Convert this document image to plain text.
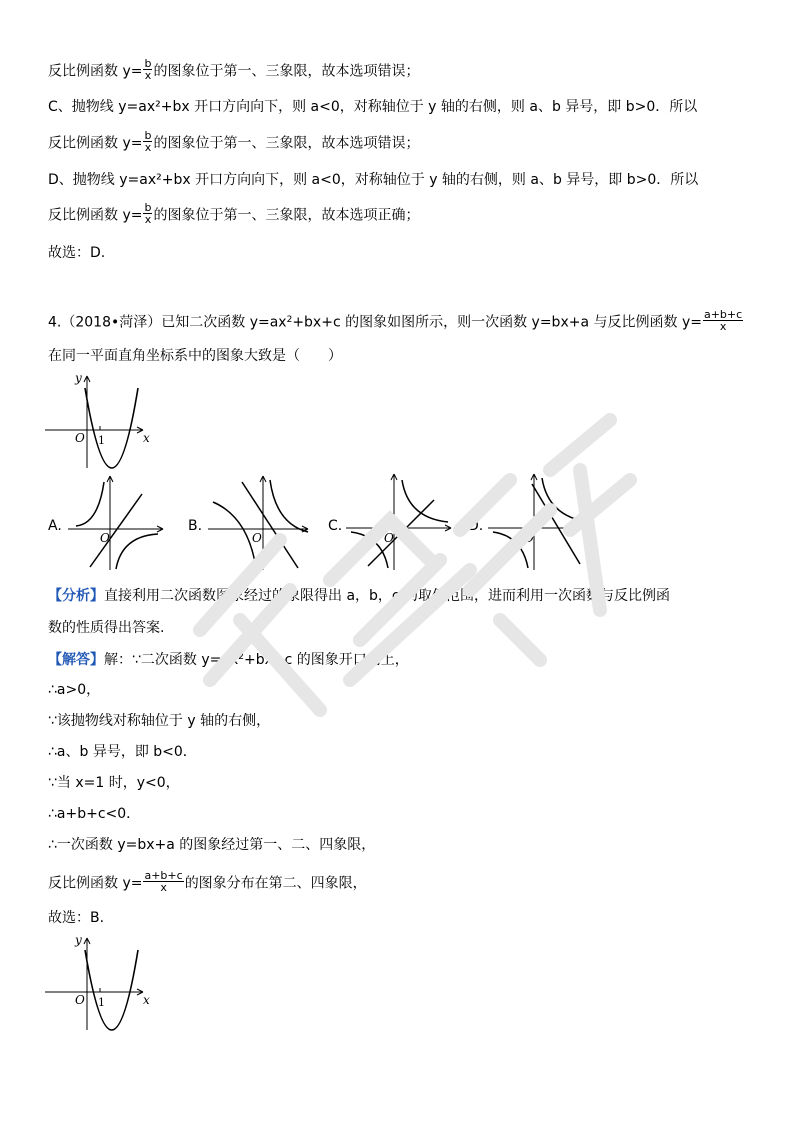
反比例函数 $y= \frac{b}{x}$ 的图象位于第一、三象限，故本选项错误；
C、抛物线 y=ax²+bx 开口方向向下，则 a<0，对称轴位于 y 轴的右侧，则 a、b 异号，即 b>0．所以
反比例函数 $y= \frac{b}{x}$ 的图象位于第一、三象限，故本选项错误；
D、抛物线 y=ax²+bx 开口方向向下，则 a<0，对称轴位于 y 轴的右侧，则 a、b 异号，即 b>0．所以
反比例函数 $y= \frac{b}{x}$ 的图象位于第一、三象限，故本选项正确；
故选：D.
4.（2018•菏泽）已知二次函数 $y=ax^2+bx+c$ 的图象如图所示，则一次函数 y=bx+a 与反比例函数 $y= \frac{a+b+c}{x}$
在同一平面直角坐标系中的图象大致是（　　）
y
x
O 1
A.
O
B.
O
C.
O
D.
O	x
【分析】直接利用二次函数图象经过的象限得出 a，b，c 的取值范围，进而利用一次函数与反比例函
数的性质得出答案.
【解答】解：∵二次函数 $y=ax^2+bx+c$ 的图象开口向上，
∴a>0，
∵该抛物线对称轴位于 y 轴的右侧，
∴a、b 异号，即 b<0．
∵当 x=1 时，y<0，
∴a+b+c<0．
∴一次函数 y=bx+a 的图象经过第一、二、四象限，
反比例函数 $y= \frac{a+b+c}{x}$ 的图象分布在第二、四象限，
故选：B.
y
x
O 1
